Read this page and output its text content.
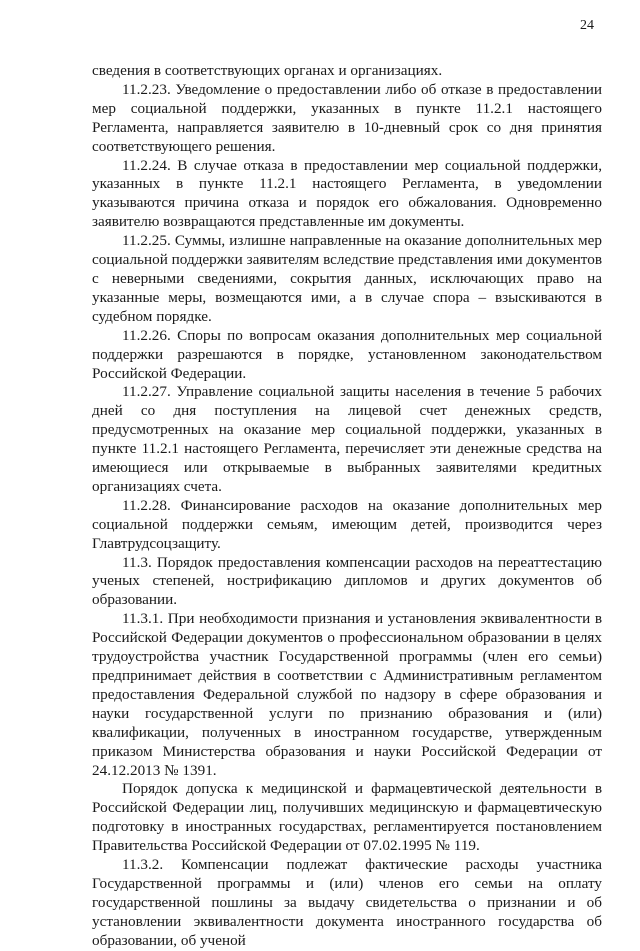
24

сведения в соответствующих органах и организациях.

11.2.23. Уведомление о предоставлении либо об отказе в предоставлении мер социальной поддержки, указанных в пункте 11.2.1 настоящего Регламента, направляется заявителю в 10-дневный срок со дня принятия соответствующего решения.

11.2.24. В случае отказа в предоставлении мер социальной поддержки, указанных в пункте 11.2.1 настоящего Регламента, в уведомлении указываются причина отказа и порядок его обжалования. Одновременно заявителю возвращаются представленные им документы.

11.2.25. Суммы, излишне направленные на оказание дополнительных мер социальной поддержки заявителям вследствие представления ими документов с неверными сведениями, сокрытия данных, исключающих право на указанные меры, возмещаются ими, а в случае спора – взыскиваются в судебном порядке.

11.2.26. Споры по вопросам оказания дополнительных мер социальной поддержки разрешаются в порядке, установленном законодательством Российской Федерации.

11.2.27. Управление социальной защиты населения в течение 5 рабочих дней со дня поступления на лицевой счет денежных средств, предусмотренных на оказание мер социальной поддержки, указанных в пункте 11.2.1 настоящего Регламента, перечисляет эти денежные средства на имеющиеся или открываемые в выбранных заявителями кредитных организациях счета.

11.2.28. Финансирование расходов на оказание дополнительных мер социальной поддержки семьям, имеющим детей, производится через Главтрудсоцзащиту.

11.3. Порядок предоставления компенсации расходов на переаттестацию ученых степеней, нострификацию дипломов и других документов об образовании.

11.3.1. При необходимости признания и установления эквивалентности в Российской Федерации документов о профессиональном образовании в целях трудоустройства участник Государственной программы (член его семьи) предпринимает действия в соответствии с Административным регламентом предоставления Федеральной службой по надзору в сфере образования и науки государственной услуги по признанию образования и (или) квалификации, полученных в иностранном государстве, утвержденным приказом Министерства образования и науки Российской Федерации от 24.12.2013 № 1391.

Порядок допуска к медицинской и фармацевтической деятельности в Российской Федерации лиц, получивших медицинскую и фармацевтическую подготовку в иностранных государствах, регламентируется постановлением Правительства Российской Федерации от 07.02.1995 № 119.

11.3.2. Компенсации подлежат фактические расходы участника Государственной программы и (или) членов его семьи на оплату государственной пошлины за выдачу свидетельства о признании и об установлении эквивалентности документа иностранного государства об образовании, об ученой
